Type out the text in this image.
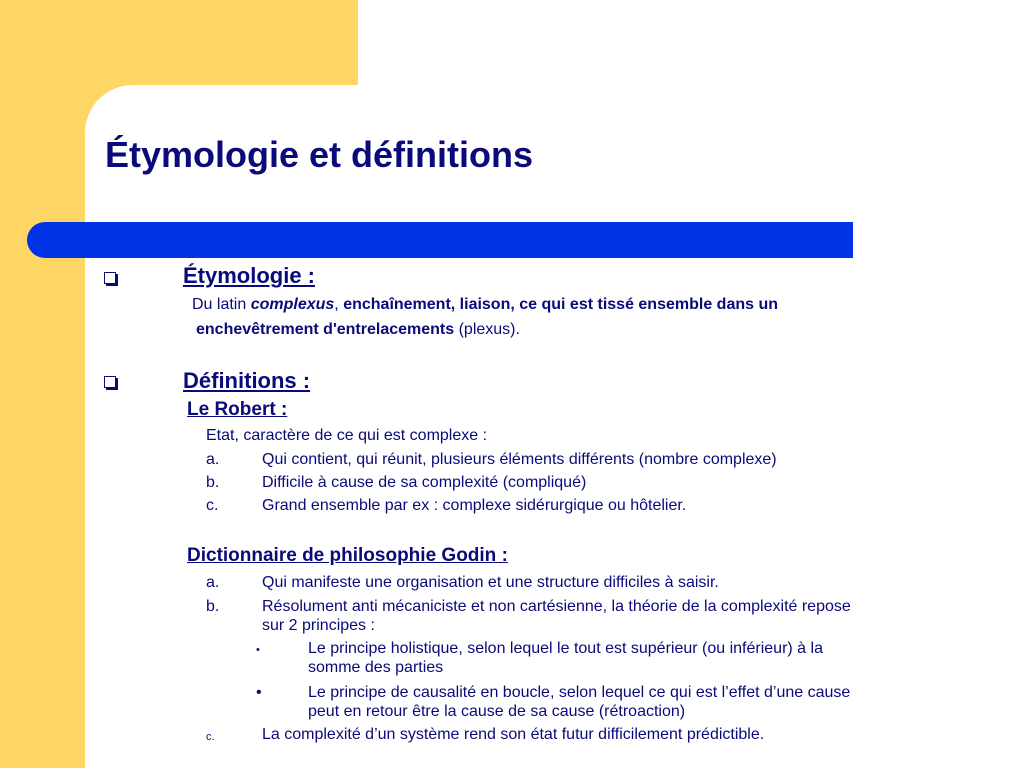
Étymologie et définitions
Étymologie :
Du latin complexus, enchaînement, liaison, ce qui est tissé ensemble dans un
enchevêtrement d'entrelacements (plexus).
Définitions :
Le Robert :
Etat, caractère de ce qui est complexe :
a.	Qui contient, qui réunit, plusieurs éléments différents (nombre complexe)
b.	Difficile à cause de sa complexité (compliqué)
c.	Grand ensemble par ex : complexe sidérurgique ou hôtelier.
Dictionnaire de philosophie Godin :
a.	Qui manifeste une organisation et une structure difficiles à saisir.
b.	Résolument anti mécaniciste et non cartésienne, la théorie de la complexité repose
sur 2 principes :
•	Le principe holistique, selon lequel le tout est supérieur (ou inférieur) à la
somme des parties
•	Le principe de causalité en boucle, selon lequel ce qui est l’effet d’une cause
peut en retour être la cause de sa cause (rétroaction)
c.	La complexité d’un système rend son état futur difficilement prédictible.
